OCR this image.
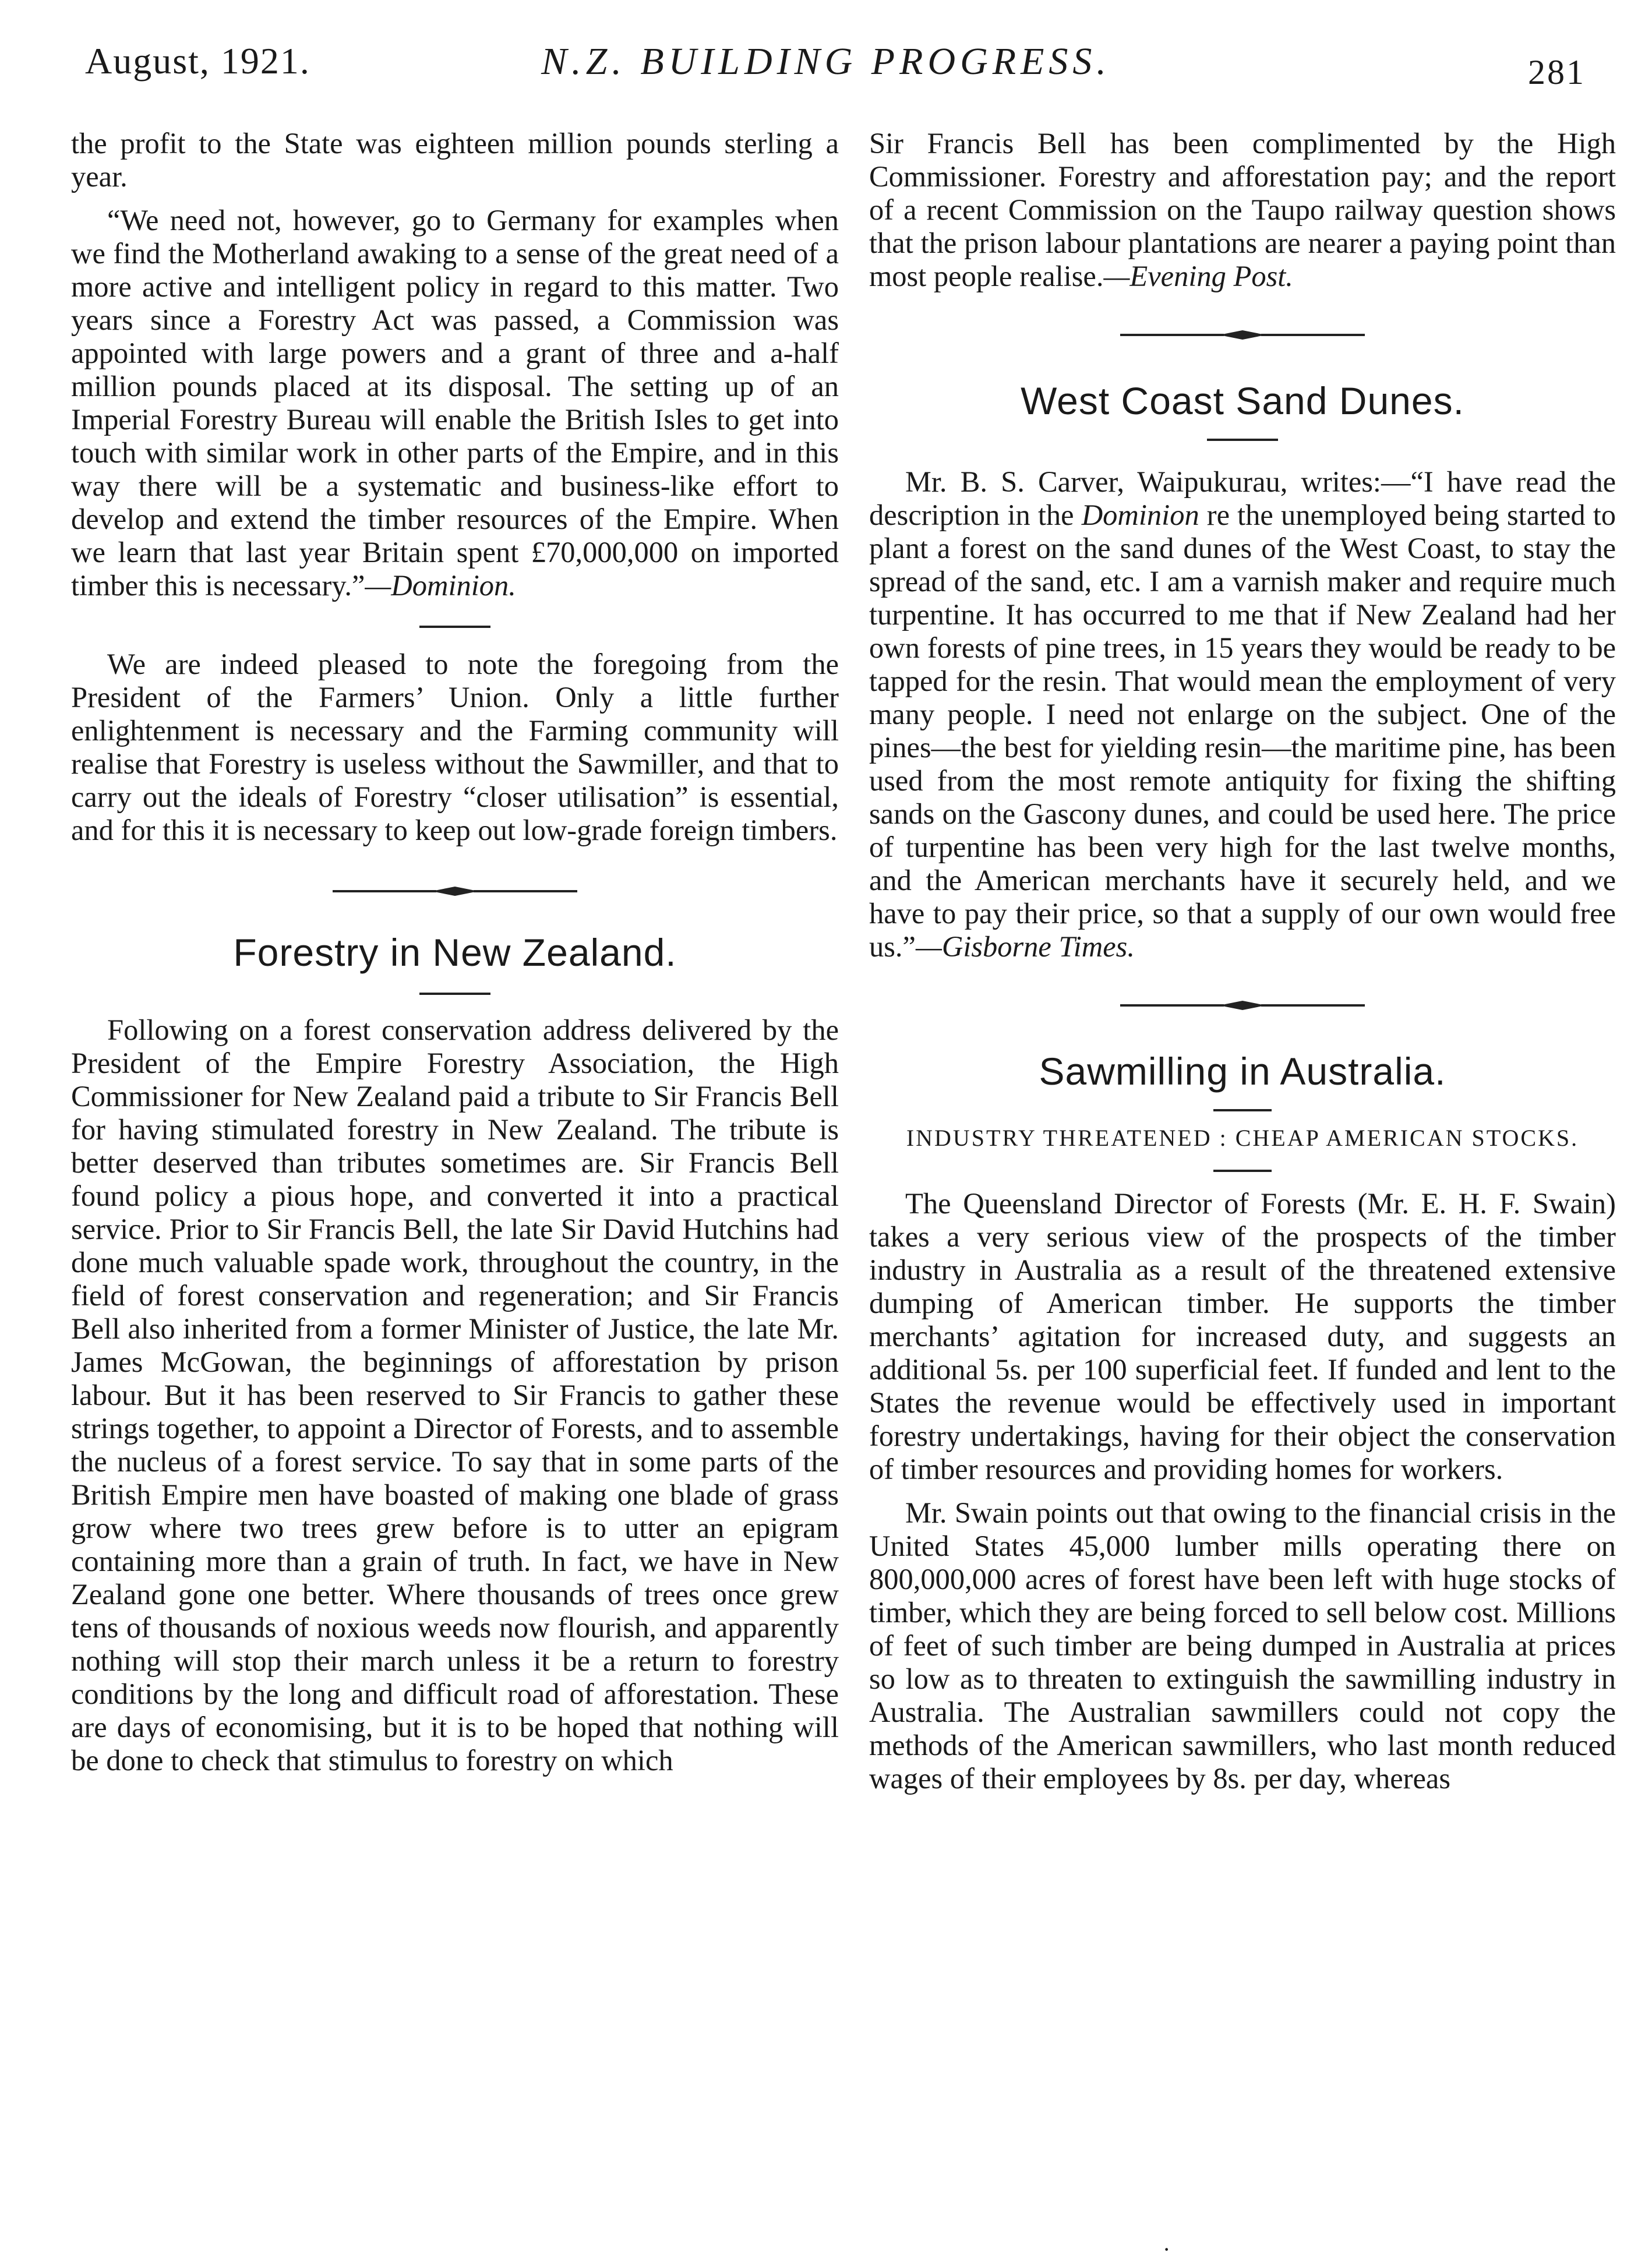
August, 1921.	N.Z. BUILDING PROGRESS.	281

the profit to the State was eighteen million pounds sterling a year.

“We need not, however, go to Germany for examples when we find the Motherland awaking to a sense of the great need of a more active and intelligent policy in regard to this matter. Two years since a Forestry Act was passed, a Commission was appointed with large powers and a grant of three and a-half million pounds placed at its disposal. The setting up of an Imperial Forestry Bureau will enable the British Isles to get into touch with similar work in other parts of the Empire, and in this way there will be a systematic and business-like effort to develop and extend the timber resources of the Empire. When we learn that last year Britain spent £70,000,000 on imported timber this is necessary.”—Dominion.

We are indeed pleased to note the foregoing from the President of the Farmers’ Union. Only a little further enlightenment is necessary and the Farming community will realise that Forestry is useless without the Sawmiller, and that to carry out the ideals of Forestry “closer utilisation” is essential, and for this it is necessary to keep out low-grade foreign timbers.

Forestry in New Zealand.

Following on a forest conservation address delivered by the President of the Empire Forestry Association, the High Commissioner for New Zealand paid a tribute to Sir Francis Bell for having stimulated forestry in New Zealand. The tribute is better deserved than tributes sometimes are. Sir Francis Bell found policy a pious hope, and converted it into a practical service. Prior to Sir Francis Bell, the late Sir David Hutchins had done much valuable spade work, throughout the country, in the field of forest conservation and regeneration; and Sir Francis Bell also inherited from a former Minister of Justice, the late Mr. James McGowan, the beginnings of afforestation by prison labour. But it has been reserved to Sir Francis to gather these strings together, to appoint a Director of Forests, and to assemble the nucleus of a forest service. To say that in some parts of the British Empire men have boasted of making one blade of grass grow where two trees grew before is to utter an epigram containing more than a grain of truth. In fact, we have in New Zealand gone one better. Where thousands of trees once grew tens of thousands of noxious weeds now flourish, and apparently nothing will stop their march unless it be a return to forestry conditions by the long and difficult road of afforestation. These are days of economising, but it is to be hoped that nothing will be done to check that stimulus to forestry on which

Sir Francis Bell has been complimented by the High Commissioner. Forestry and afforestation pay; and the report of a recent Commission on the Taupo railway question shows that the prison labour plantations are nearer a paying point than most people realise.—Evening Post.

West Coast Sand Dunes.

Mr. B. S. Carver, Waipukurau, writes:—“I have read the description in the Dominion re the unemployed being started to plant a forest on the sand dunes of the West Coast, to stay the spread of the sand, etc. I am a varnish maker and require much turpentine. It has occurred to me that if New Zealand had her own forests of pine trees, in 15 years they would be ready to be tapped for the resin. That would mean the employment of very many people. I need not enlarge on the subject. One of the pines—the best for yielding resin—the maritime pine, has been used from the most remote antiquity for fixing the shifting sands on the Gascony dunes, and could be used here. The price of turpentine has been very high for the last twelve months, and the American merchants have it securely held, and we have to pay their price, so that a supply of our own would free us.”—Gisborne Times.

Sawmilling in Australia.
INDUSTRY THREATENED : CHEAP AMERICAN STOCKS.

The Queensland Director of Forests (Mr. E. H. F. Swain) takes a very serious view of the prospects of the timber industry in Australia as a result of the threatened extensive dumping of American timber. He supports the timber merchants’ agitation for increased duty, and suggests an additional 5s. per 100 superficial feet. If funded and lent to the States the revenue would be effectively used in important forestry undertakings, having for their object the conservation of timber resources and providing homes for workers.

Mr. Swain points out that owing to the financial crisis in the United States 45,000 lumber mills operating there on 800,000,000 acres of forest have been left with huge stocks of timber, which they are being forced to sell below cost. Millions of feet of such timber are being dumped in Australia at prices so low as to threaten to extinguish the sawmilling industry in Australia. The Australian sawmillers could not copy the methods of the American sawmillers, who last month reduced wages of their employees by 8s. per day, whereas

·
